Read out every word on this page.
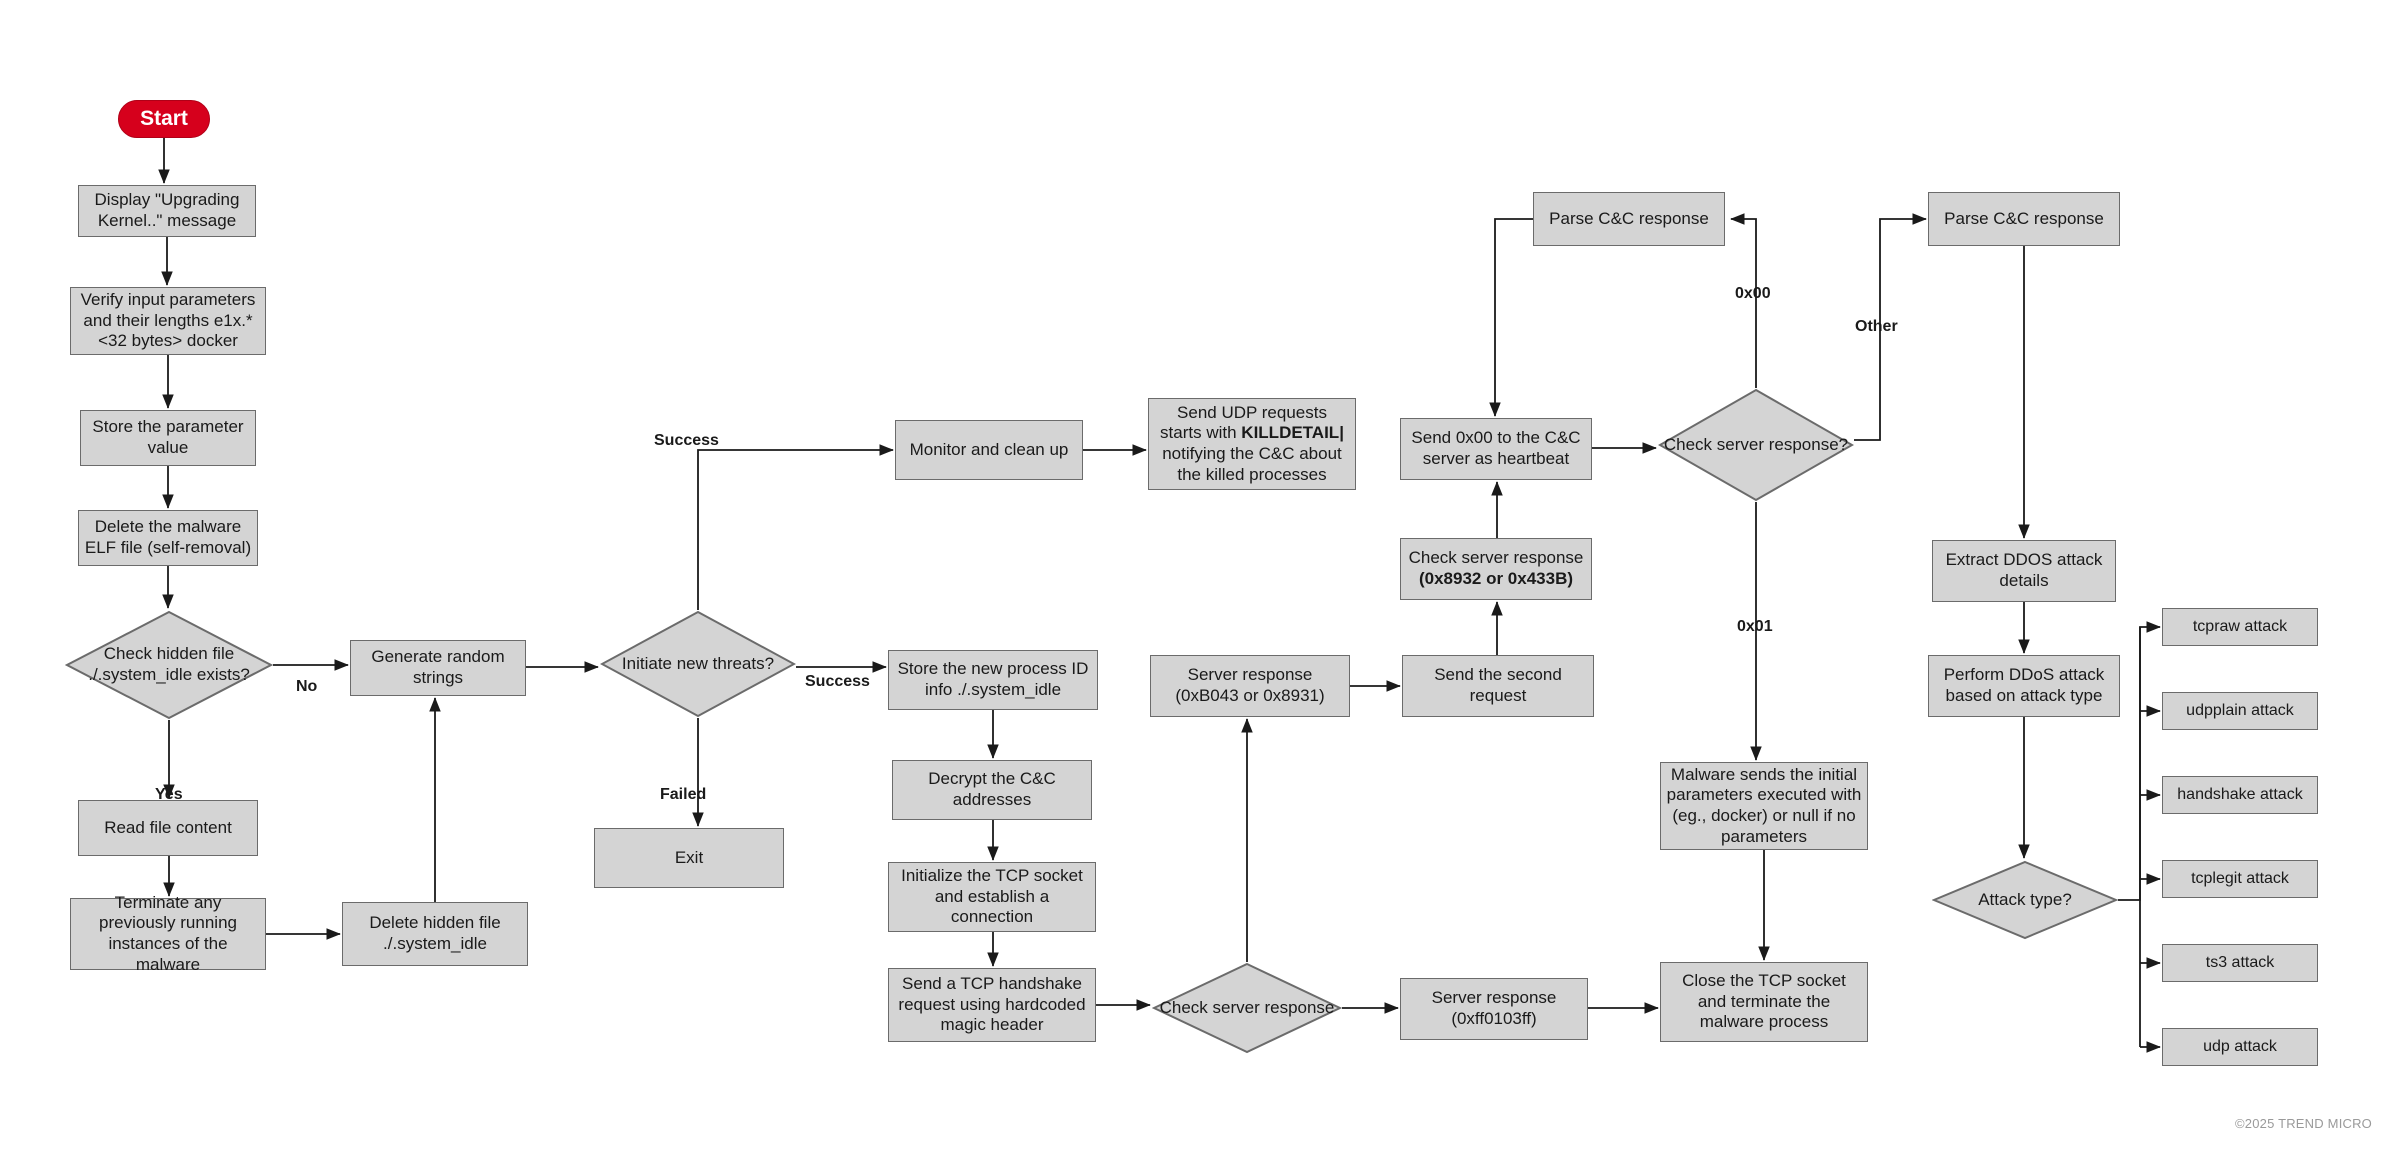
Start
Display "Upgrading Kernel.." message
Verify input parameters and their lengths e1x.* <32 bytes> docker
Store the parameter value
Delete the malware ELF file (self-removal)
Check hidden file ./.system_idle exists?
Read file content
Terminate any previously running instances of the malware
Generate random strings
Delete hidden file ./.system_idle
Initiate new threats?
Exit
Monitor and clean up
Send UDP requests starts with KILLDETAIL| notifying the C&C about the killed processes
Store the new process ID info ./.system_idle
Decrypt the C&C addresses
Initialize the TCP socket and establish a connection
Send a TCP handshake request using hardcoded magic header
Check server response	Server response (0xff0103ff)
Close the TCP socket and terminate the malware process
Server response (0xB043 or 0x8931)
Send the second request
Check server response (0x8932 or 0x433B)
Send 0x00 to the C&C server as heartbeat
Parse C&C response
Check server response?
Malware sends the initial parameters executed with (eg., docker) or null if no parameters
Parse C&C response
Extract DDOS attack details
Perform DDoS attack based on attack type
Attack type?
tcpraw attack
udpplain attack
handshake attack
tcplegit attack
ts3 attack
udp attack
No
Yes
Success
Failed
Success
0x00
0x01
Other
©2025 TREND MICRO
